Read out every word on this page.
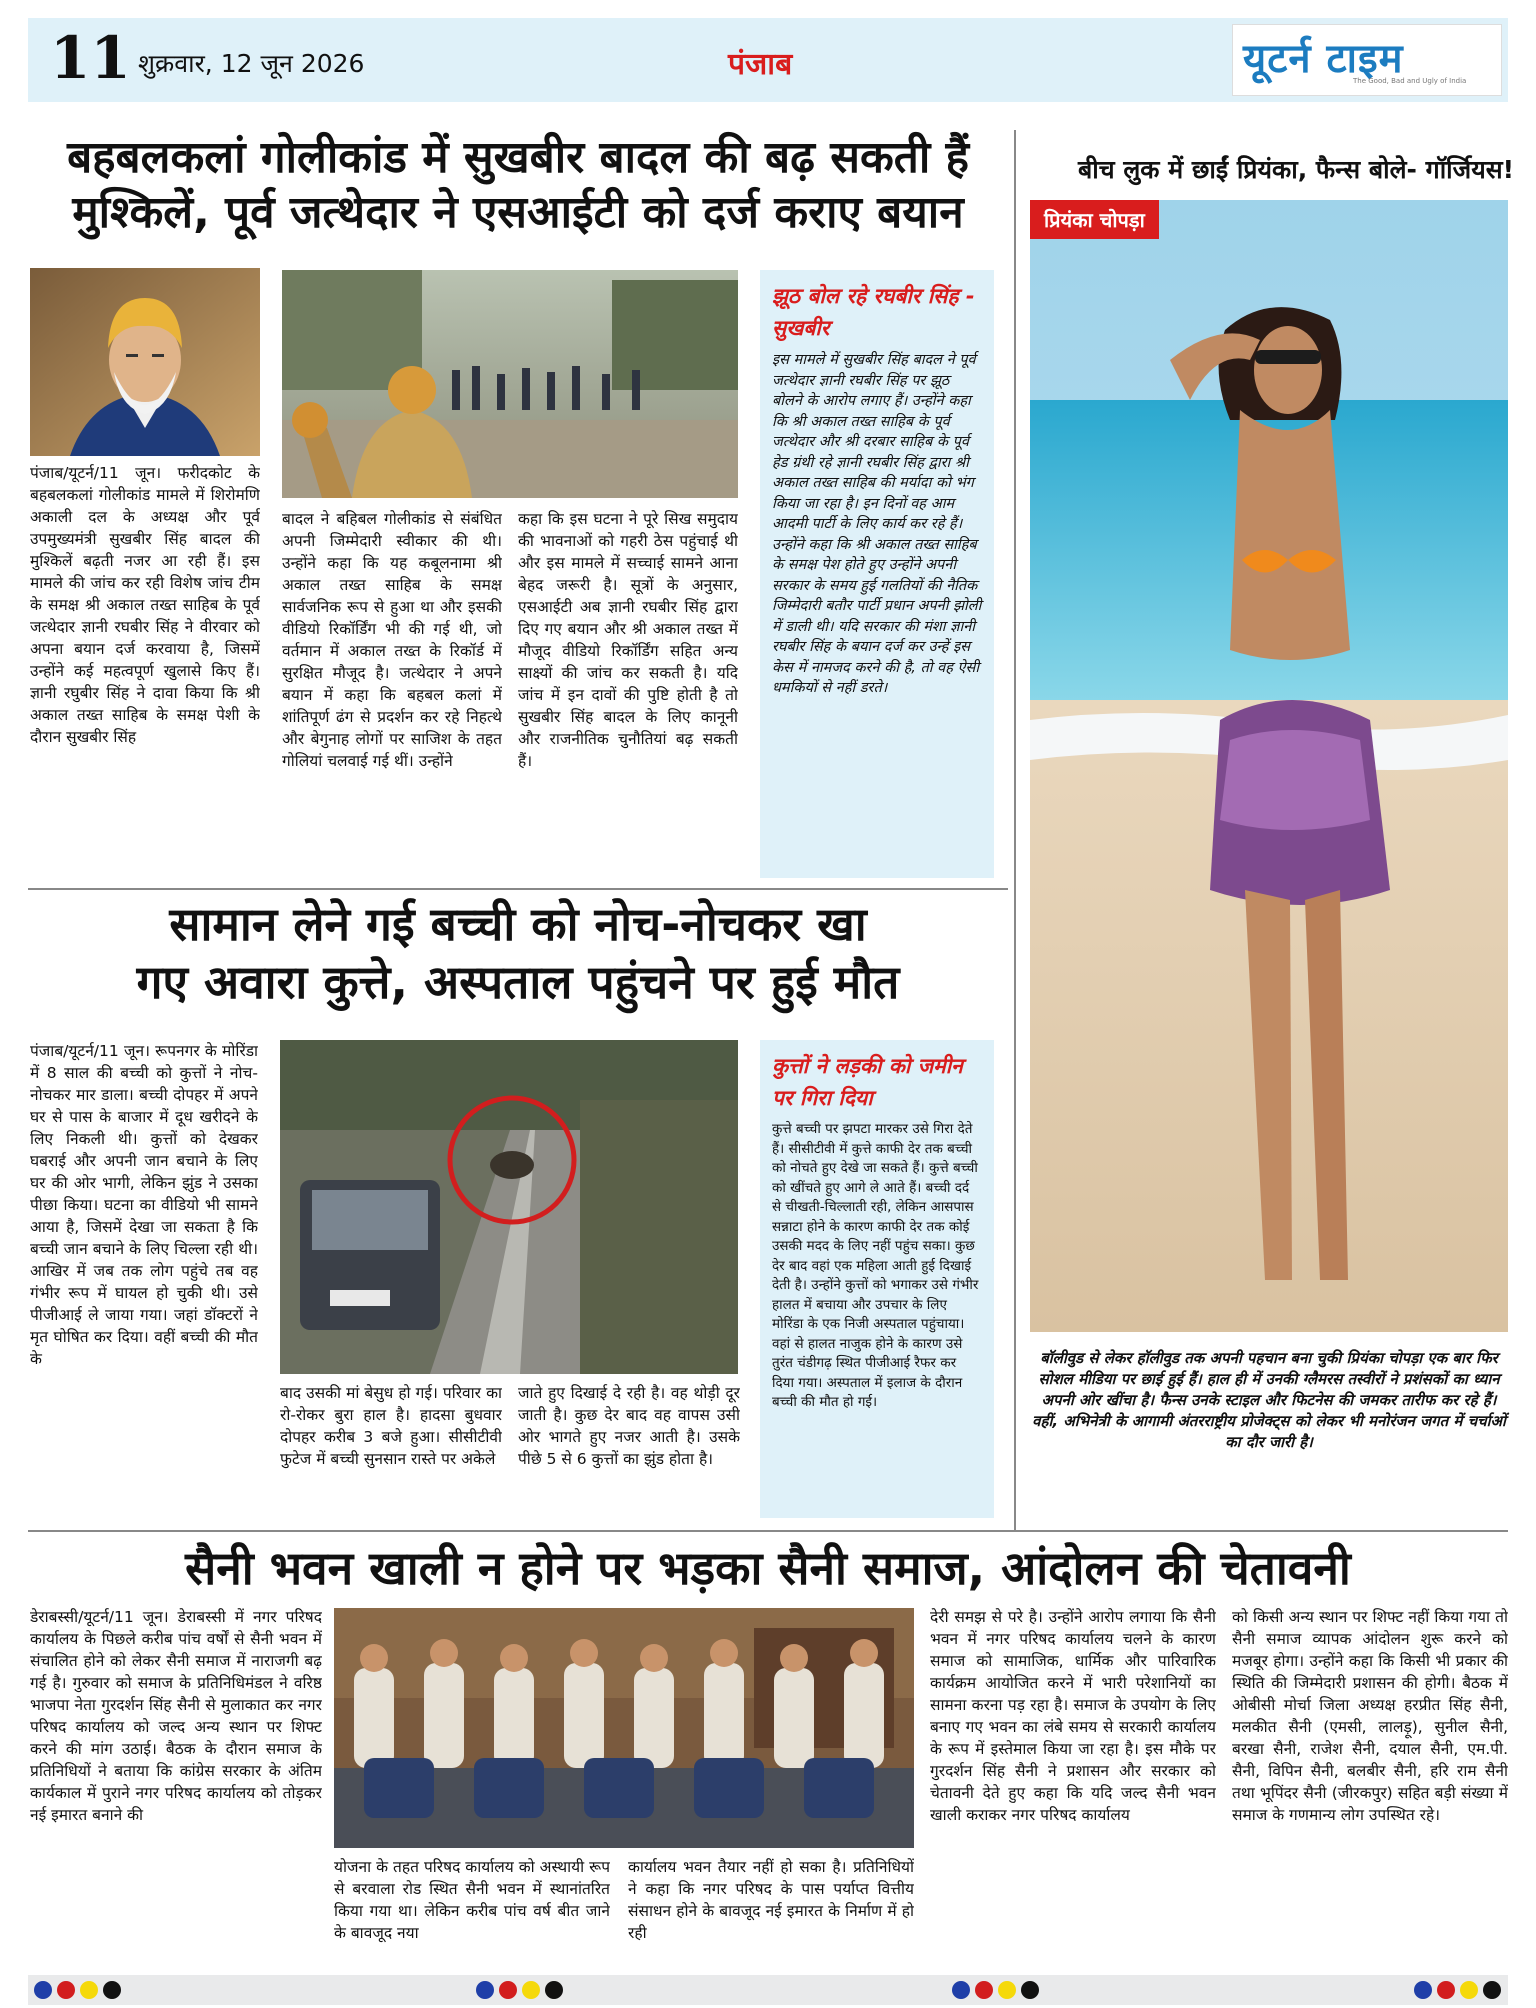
11 शुक्रवार, 12 जून 2026	पंजाब	यूटर्न टाइम
The Good, Bad and Ugly of India
बहबलकलां गोलीकांड में सुखबीर बादल की बढ़ सकती हैं
मुश्किलें, पूर्व जत्थेदार ने एसआईटी को दर्ज कराए बयान
पंजाब/यूटर्न/11 जून। फरीदकोट के बहबलकलां गोलीकांड मामले में शिरोमणि अकाली दल के अध्यक्ष और पूर्व उपमुख्यमंत्री सुखबीर सिंह बादल की मुश्किलें बढ़ती नजर आ रही हैं। इस मामले की जांच कर रही विशेष जांच टीम के समक्ष श्री अकाल तख्त साहिब के पूर्व जत्थेदार ज्ञानी रघबीर सिंह ने वीरवार को अपना बयान दर्ज करवाया है, जिसमें उन्होंने कई महत्वपूर्ण खुलासे किए हैं। ज्ञानी रघुबीर सिंह ने दावा किया कि श्री अकाल तख्त साहिब के समक्ष पेशी के दौरान सुखबीर सिंह
बादल ने बहिबल गोलीकांड से संबंधित अपनी जिम्मेदारी स्वीकार की थी। उन्होंने कहा कि यह कबूलनामा श्री अकाल तख्त साहिब के समक्ष सार्वजनिक रूप से हुआ था और इसकी वीडियो रिकॉर्डिंग भी की गई थी, जो वर्तमान में अकाल तख्त के रिकॉर्ड में सुरक्षित मौजूद है। जत्थेदार ने अपने बयान में कहा कि बहबल कलां में शांतिपूर्ण ढंग से प्रदर्शन कर रहे निहत्थे और बेगुनाह लोगों पर साजिश के तहत गोलियां चलवाई गई थीं। उन्होंने
कहा कि इस घटना ने पूरे सिख समुदाय की भावनाओं को गहरी ठेस पहुंचाई थी और इस मामले में सच्चाई सामने आना बेहद जरूरी है। सूत्रों के अनुसार, एसआईटी अब ज्ञानी रघबीर सिंह द्वारा दिए गए बयान और श्री अकाल तख्त में मौजूद वीडियो रिकॉर्डिंग सहित अन्य साक्ष्यों की जांच कर सकती है। यदि जांच में इन दावों की पुष्टि होती है तो सुखबीर सिंह बादल के लिए कानूनी और राजनीतिक चुनौतियां बढ़ सकती हैं।
झूठ बोल रहे रघबीर सिंह - सुखबीर
इस मामले में सुखबीर सिंह बादल ने पूर्व जत्थेदार ज्ञानी रघबीर सिंह पर झूठ बोलने के आरोप लगाए हैं। उन्होंने कहा कि श्री अकाल तख्त साहिब के पूर्व जत्थेदार और श्री दरबार साहिब के पूर्व हेड ग्रंथी रहे ज्ञानी रघबीर सिंह द्वारा श्री अकाल तख्त साहिब की मर्यादा को भंग किया जा रहा है। इन दिनों वह आम आदमी पार्टी के लिए कार्य कर रहे हैं। उन्होंने कहा कि श्री अकाल तख्त साहिब के समक्ष पेश होते हुए उन्होंने अपनी सरकार के समय हुई गलतियों की नैतिक जिम्मेदारी बतौर पार्टी प्रधान अपनी झोली में डाली थी। यदि सरकार की मंशा ज्ञानी रघबीर सिंह के बयान दर्ज कर उन्हें इस केस में नामजद करने की है, तो वह ऐसी धमकियों से नहीं डरते।
सामान लेने गई बच्ची को नोच-नोचकर खा
गए अवारा कुत्ते, अस्पताल पहुंचने पर हुई मौत
पंजाब/यूटर्न/11 जून। रूपनगर के मोरिंडा में 8 साल की बच्ची को कुत्तों ने नोच-नोचकर मार डाला। बच्ची दोपहर में अपने घर से पास के बाजार में दूध खरीदने के लिए निकली थी। कुत्तों को देखकर घबराई और अपनी जान बचाने के लिए घर की ओर भागी, लेकिन झुंड ने उसका पीछा किया। घटना का वीडियो भी सामने आया है, जिसमें देखा जा सकता है कि बच्ची जान बचाने के लिए चिल्ला रही थी। आखिर में जब तक लोग पहुंचे तब वह गंभीर रूप में घायल हो चुकी थी। उसे पीजीआई ले जाया गया। जहां डॉक्टरों ने मृत घोषित कर दिया। वहीं बच्ची की मौत के
बाद उसकी मां बेसुध हो गई। परिवार का रो-रोकर बुरा हाल है। हादसा बुधवार दोपहर करीब 3 बजे हुआ। सीसीटीवी फुटेज में बच्ची सुनसान रास्ते पर अकेले
जाते हुए दिखाई दे रही है। वह थोड़ी दूर जाती है। कुछ देर बाद वह वापस उसी ओर भागते हुए नजर आती है। उसके पीछे 5 से 6 कुत्तों का झुंड होता है।
कुत्तों ने लड़की को जमीन पर गिरा दिया
कुत्ते बच्ची पर झपटा मारकर उसे गिरा देते हैं। सीसीटीवी में कुत्ते काफी देर तक बच्ची को नोचते हुए देखे जा सकते हैं। कुत्ते बच्ची को खींचते हुए आगे ले आते हैं। बच्ची दर्द से चीखती-चिल्लाती रही, लेकिन आसपास सन्नाटा होने के कारण काफी देर तक कोई उसकी मदद के लिए नहीं पहुंच सका। कुछ देर बाद वहां एक महिला आती हुई दिखाई देती है। उन्होंने कुत्तों को भगाकर उसे गंभीर हालत में बचाया और उपचार के लिए मोरिंडा के एक निजी अस्पताल पहुंचाया। वहां से हालत नाजुक होने के कारण उसे तुरंत चंडीगढ़ स्थित पीजीआई रैफर कर दिया गया। अस्पताल में इलाज के दौरान बच्ची की मौत हो गई।
बीच लुक में छाईं प्रियंका, फैन्स बोले- गॉर्जियस!
प्रियंका चोपड़ा
बॉलीवुड से लेकर हॉलीवुड तक अपनी पहचान बना चुकी प्रियंका चोपड़ा एक बार फिर सोशल मीडिया पर छाई हुई हैं। हाल ही में उनकी ग्लैमरस तस्वीरों ने प्रशंसकों का ध्यान अपनी ओर खींचा है। फैन्स उनके स्टाइल और फिटनेस की जमकर तारीफ कर रहे हैं। वहीं, अभिनेत्री के आगामी अंतरराष्ट्रीय प्रोजेक्ट्स को लेकर भी मनोरंजन जगत में चर्चाओं का दौर जारी है।
सैनी भवन खाली न होने पर भड़का सैनी समाज, आंदोलन की चेतावनी
डेराबस्सी/यूटर्न/11 जून। डेराबस्सी में नगर परिषद कार्यालय के पिछले करीब पांच वर्षों से सैनी भवन में संचालित होने को लेकर सैनी समाज में नाराजगी बढ़ गई है। गुरुवार को समाज के प्रतिनिधिमंडल ने वरिष्ठ भाजपा नेता गुरदर्शन सिंह सैनी से मुलाकात कर नगर परिषद कार्यालय को जल्द अन्य स्थान पर शिफ्ट करने की मांग उठाई। बैठक के दौरान समाज के प्रतिनिधियों ने बताया कि कांग्रेस सरकार के अंतिम कार्यकाल में पुराने नगर परिषद कार्यालय को तोड़कर नई इमारत बनाने की
योजना के तहत परिषद कार्यालय को अस्थायी रूप से बरवाला रोड स्थित सैनी भवन में स्थानांतरित किया गया था। लेकिन करीब पांच वर्ष बीत जाने के बावजूद नया
कार्यालय भवन तैयार नहीं हो सका है। प्रतिनिधियों ने कहा कि नगर परिषद के पास पर्याप्त वित्तीय संसाधन होने के बावजूद नई इमारत के निर्माण में हो रही
देरी समझ से परे है। उन्होंने आरोप लगाया कि सैनी भवन में नगर परिषद कार्यालय चलने के कारण समाज को सामाजिक, धार्मिक और पारिवारिक कार्यक्रम आयोजित करने में भारी परेशानियों का सामना करना पड़ रहा है। समाज के उपयोग के लिए बनाए गए भवन का लंबे समय से सरकारी कार्यालय के रूप में इस्तेमाल किया जा रहा है। इस मौके पर गुरदर्शन सिंह सैनी ने प्रशासन और सरकार को चेतावनी देते हुए कहा कि यदि जल्द सैनी भवन खाली कराकर नगर परिषद कार्यालय
को किसी अन्य स्थान पर शिफ्ट नहीं किया गया तो सैनी समाज व्यापक आंदोलन शुरू करने को मजबूर होगा। उन्होंने कहा कि किसी भी प्रकार की स्थिति की जिम्मेदारी प्रशासन की होगी। बैठक में ओबीसी मोर्चा जिला अध्यक्ष हरप्रीत सिंह सैनी, मलकीत सैनी (एमसी, लालड़ू), सुनील सैनी, बरखा सैनी, राजेश सैनी, दयाल सैनी, एम.पी. सैनी, विपिन सैनी, बलबीर सैनी, हरि राम सैनी तथा भूपिंदर सैनी (जीरकपुर) सहित बड़ी संख्या में समाज के गणमान्य लोग उपस्थित रहे।
